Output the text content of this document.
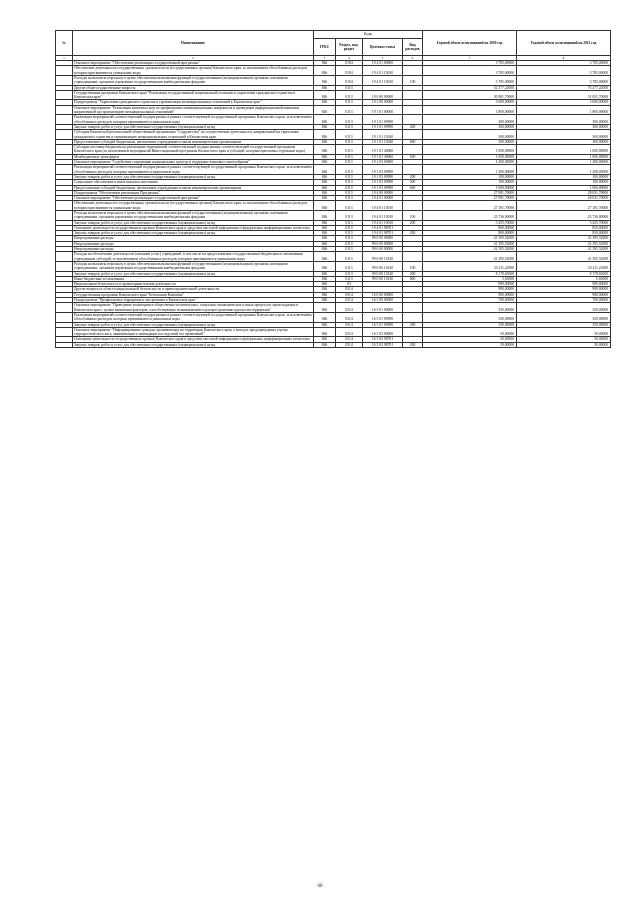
№	Наименование	Коды				Годовой объем ассигнований на 2020 год	Годовой объем ассигнований на 2021 год
		ГРБС	Раздел, под-раздел	Целевая статья	Вид расходов		
1	2	3	4	5	6	7	8
	Основное мероприятие "Обеспечение реализации государственной программы"	846	0104	19 4 01 00000		3 785,00000	3 785,00000
	Обеспечение деятельности государственных органов власти (государственных органов) Камчатского края, за исключением обособленных расходов, которым присваиваются уникальные коды	846	0104	19 4 01 10010		3 785,00000	3 785,00000
	Расходы на выплаты персоналу в целях обеспечения выполнения функций государственными (муниципальными) органами, казенными учреждениями, органами управления государственными внебюджетными фондами	846	0104	19 4 01 10010	100	3 785,00000	3 785,00000
	Другие общегосударственные вопросы	846	0113			32 377,22000	73 477,22000
	Государственная программа Камчатского края "Реализация государственной национальной политики и укрепление гражданского единства в Камчатском крае"	846	0113	19 0 00 00000		30 981,70000	31 031,70000
	Подпрограмма "Укрепление гражданского единства и гармонизация межнациональных отношений в Камчатском крае"	846	0113	19 1 00 00000		3 000,00000	3 000,00000
	Основное мероприятие "Реализация комплекса мер по профилактике межнациональных конфликтов и проведение информационной кампании, направленной на гармонизацию межнациональных отношений"	846	0113	19 1 01 00000		1 800,00000	1 800,00000
	Реализация мероприятий соответствующей подпрограммы в рамках соответствующей государственной программы Камчатского края, за исключением обособленных расходов, которым присваиваются уникальные коды	846	0113	19 1 01 09990		300,00000	300,00000
	Закупка товаров, работ и услуг для обеспечения государственных (муниципальных) нужд	846	0113	19 1 01 09990	200	300,00000	300,00000
	Субсидия Камчатской региональной общественной организации "Содружество" на осуществление деятельности, направленной на укрепление гражданского единства и гармонизацию межнациональных отношений в Камчатском крае	846	0113	19 1 01 10340		300,00000	300,00000
	Предоставление субсидий бюджетным, автономным учреждениям и иным некоммерческим организациям	846	0113	19 1 01 10340	600	300,00000	300,00000
	Субсидии местным бюджетам на реализацию мероприятий соответствующей подпрограммы соответствующей государственной программы Камчатского края (за исключением мероприятий Инвестиционной программы Камчатского края и субсидий, которым присвоены отдельные коды)	846	0113	19 1 01 40060		1 000,00000	1 000,00000
	Межбюджетные трансферты	846	0113	19 1 01 40060	500	1 000,00000	1 000,00000
	Основное мероприятие "Содействие сохранению национальных культур и поддержке языкового многообразия"	846	0113	19 1 03 00000		1 200,00000	1 200,00000
	Реализация мероприятий соответствующей подпрограммы в рамках соответствующей государственной программы Камчатского края, за исключением обособленных расходов, которым присваиваются уникальные коды	846	0113	19 1 03 09990		1 200,00000	1 200,00000
	Закупка товаров, работ и услуг для обеспечения государственных (муниципальных) нужд	846	0113	19 1 03 09990	200	100,00000	100,00000
	Социальное обеспечение и иные выплаты населению	846	0113	19 1 03 09990	300	100,00000	100,00000
	Предоставление субсидий бюджетным, автономным учреждениям и иным некоммерческим организациям	846	0113	19 1 03 09990	600	1 000,00000	1 000,00000
	Подпрограмма "Обеспечение реализации Программы"	846	0113	19 4 00 00000		27 981,70000	28 031,70000
	Основное мероприятие "Обеспечение реализации государственной программы"	846	0113	19 4 01 00000		27 981,70000	28 031,70000
	Обеспечение деятельности государственных органов власти (государственных органов) Камчатского края, за исключением обособленных расходов, которым присваиваются уникальные коды	846	0113	19 4 01 10010		27 181,70000	27 181,70000
	Расходы на выплаты персоналу в целях обеспечения выполнения функций государственными (муниципальными) органами, казенными учреждениями, органами управления государственными внебюджетными фондами	846	0113	19 4 01 10010	100	23 726,00000	23 726,00000
	Закупка товаров, работ и услуг для обеспечения государственных (муниципальных) нужд	846	0113	19 4 01 10010	200	3 455,70000	3 455,70000
	Освещение деятельности государственных органов Камчатского края в средствах массовой информации и федеральных информационных агентствах	846	0113	19 4 01 98701		800,00000	850,00000
	Закупка товаров, работ и услуг для обеспечения государственных (муниципальных) нужд	846	0113	19 4 01 98701	200	800,00000	850,00000
	Непрограммные расходы	846	0113	99 0 00 00000		41 395,52000	41 395,52000
	Непрограммные расходы	846	0113	99 0 00 00000		41 395,52000	41 395,52000
	Непрограммные расходы	846	0113	99 0 00 00000		41 395,52000	41 395,52000
	Расходы на обеспечение деятельности (оказание услуг) учреждений, в том числе на предоставление государственным бюджетным и автономным учреждениям субсидий, за исключением обособленных расходов, которым присваиваются уникальные коды	846	0113	99 0 00 10140		41 395,52000	41 395,52000
	Расходы на выплаты персоналу в целях обеспечения выполнения функций государственными (муниципальными) органами, казенными учреждениями, органами управления государственными внебюджетными фондами	846	0113	99 0 00 10140	100	33 211,22000	33 211,22000
	Закупка товаров, работ и услуг для обеспечения государственных (муниципальных) нужд	846	0113	99 0 00 10140	200	8 178,65000	8 178,65000
	Иные бюджетные ассигнования	846	0113	99 0 00 10140	800	5,65000	5,65000
	Национальная безопасность и правоохранительная деятельность	846	03			980,00000	980,00000
	Другие вопросы в области национальной безопасности и правоохранительной деятельности	846	0314			980,00000	980,00000
	Государственная программа Камчатского края "Безопасная Камчатка"	846	0314	16 0 00 00000		980,00000	980,00000
	Подпрограмма "Профилактика терроризма и экстремизма в Камчатском крае"	846	0314	16 5 00 00000		700,00000	700,00000
	Основное мероприятие "Проведение мониторинга общественно-политических, социально-экономических и иных процессов, происходящих в Камчатском крае с целью выявления факторов, способствующих возникновению и распространению идеологии терроризма"	846	0314	16 5 01 00000		350,00000	350,00000
	Реализация мероприятий соответствующей подпрограммы в рамках соответствующей государственной программы Камчатского края, за исключением обособленных расходов, которым присваиваются уникальные коды	846	0314	16 5 01 09990		350,00000	350,00000
	Закупка товаров, работ и услуг для обеспечения государственных (муниципальных) нужд	846	0314	16 5 01 09990	200	350,00000	350,00000
	Основное мероприятие "Информирование граждан, проживающих на территории Камчатского края, о методах предупреждения угрозы террористического акта, минимизации и ликвидации последствий его проявлений"	846	0314	16 5 03 00000		50,00000	50,00000
	Освещение деятельности государственных органов Камчатского края в средствах массовой информации и федеральных информационных агентствах	846	0314	16 5 03 98701		50,00000	50,00000
	Закупка товаров, работ и услуг для обеспечения государственных (муниципальных) нужд	846	0314	16 5 03 98701	200	50,00000	50,00000
60
